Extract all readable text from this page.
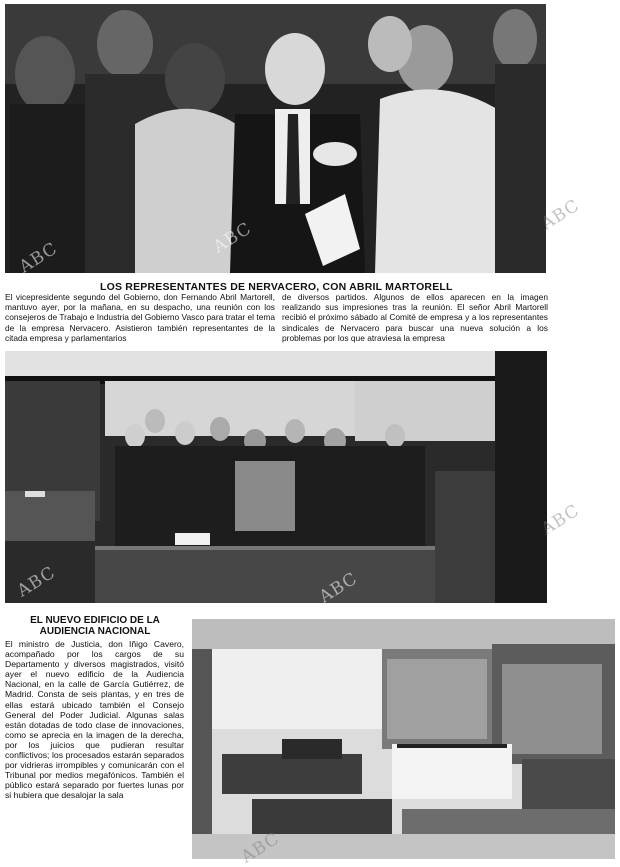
ABC
ABC
ABC
LOS REPRESENTANTES DE NERVACERO, CON ABRIL MARTORELL
El vicepresidente segundo del Gobierno, don Fernando Abril Martorell, mantuvo ayer, por la mañana, en su despacho, una reunión con los consejeros de Trabajo e Industria del Gobierno Vasco para tratar el tema de la empresa Nervacero. Asistieron también representantes de la citada empresa y parlamentarios
de diversos partidos. Algunos de ellos aparecen en la imagen realizando sus impresiones tras la reunión. El señor Abril Martorell recibió el próximo sábado al Comité de empresa y a los representantes sindicales de Nervacero para buscar una nueva solución a los problemas por los que atraviesa la empresa
ABC	ABC
ABC
EL NUEVO EDIFICIO DE LA
AUDIENCIA NACIONAL
El ministro de Justicia, don Iñigo Cavero, acompañado por los cargos de su Departamento y diversos magistrados, visitó ayer el nuevo edificio de la Audiencia Nacional, en la calle de García Gutiérrez, de Madrid. Consta de seis plantas, y en tres de ellas estará ubicado también el Consejo General del Poder Judicial. Algunas salas están dotadas de todo clase de innovaciones, como se aprecia en la imagen de la derecha, por los juicios que pudieran resultar conflictivos; los procesados estarán separados por vidrieras irrompibles y comunicarán con el Tribunal por medios megafónicos. También el público estará separado por fuertes lunas por si hubiera que desalojar la sala
ABC
